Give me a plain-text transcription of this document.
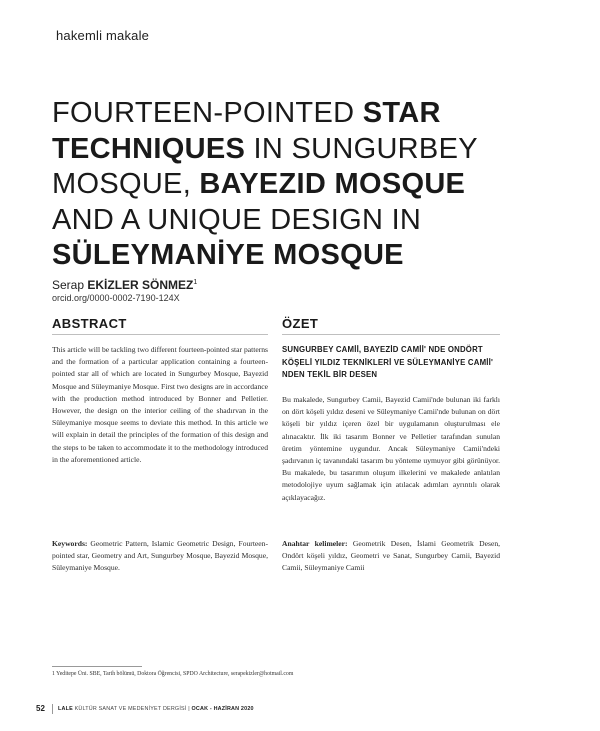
hakemli makale
FOURTEEN-POINTED STAR
TECHNIQUES IN SUNGURBEY
MOSQUE, BAYEZID MOSQUE
AND A UNIQUE DESIGN IN
SÜLEYMANİYE MOSQUE
Serap EKİZLER SÖNMEZ$^1$
orcid.org/0000-0002-7190-124X
ABSTRACT	ÖZET
This article will be tackling two different fourteen-pointed star patterns and the formation of a particular application containing a fourteen-pointed star all of which are located in Sungurbey Mosque, Bayezid Mosque and Süleymaniye Mosque. First two designs are in accordance with the production method introduced by Bonner and Pelletier. However, the design on the interior ceiling of the shadırvan in the Süleymaniye mosque seems to deviate this method. In this article we will explain in detail the principles of the formation of this design and the steps to be taken to accommodate it to the methodology introduced in the aforementioned article.
SUNGURBEY CAMİİ, BAYEZİD CAMİİ' NDE ONDÖRT KÖŞELİ YILDIZ TEKNİKLERİ VE SÜLEYMANİYE CAMİİ' NDEN TEKİL BİR DESEN
Bu makalede, Sungurbey Camii, Bayezid Camii'nde bulunan iki farklı on dört köşeli yıldız deseni ve Süleymaniye Camii'nde bulunan on dört köşeli bir yıldız içeren özel bir uygulamanın oluşturulması ele alınacaktır. İlk iki tasarım Bonner ve Pelletier tarafından sunulan üretim yöntemine uygundur. Ancak Süleymaniye Camii'ndeki şadırvanın iç tavanındaki tasarım bu yönteme uymuyor gibi görünüyor. Bu makalede, bu tasarımın oluşum ilkelerini ve makalede anlatılan metodolojiye uyum sağlamak için atılacak adımları ayrıntılı olarak açıklayacağız.
Keywords: Geometric Pattern, Islamic Geometric Design, Fourteen-pointed star, Geometry and Art, Sungurbey Mosque, Bayezid Mosque, Süleymaniye Mosque.
Anahtar kelimeler: Geometrik Desen, İslami Geometrik Desen, Ondört köşeli yıldız, Geometri ve Sanat, Sungurbey Camii, Bayezid Camii, Süleymaniye Camii
1 Yeditepe Üni. SBE, Tarih bölümü, Doktora Öğrencisi, SPDO Architecture, serapekizler@hotmail.com
52 LALE KÜLTÜR SANAT VE MEDENİYET DERGİSİ | OCAK - HAZİRAN 2020
